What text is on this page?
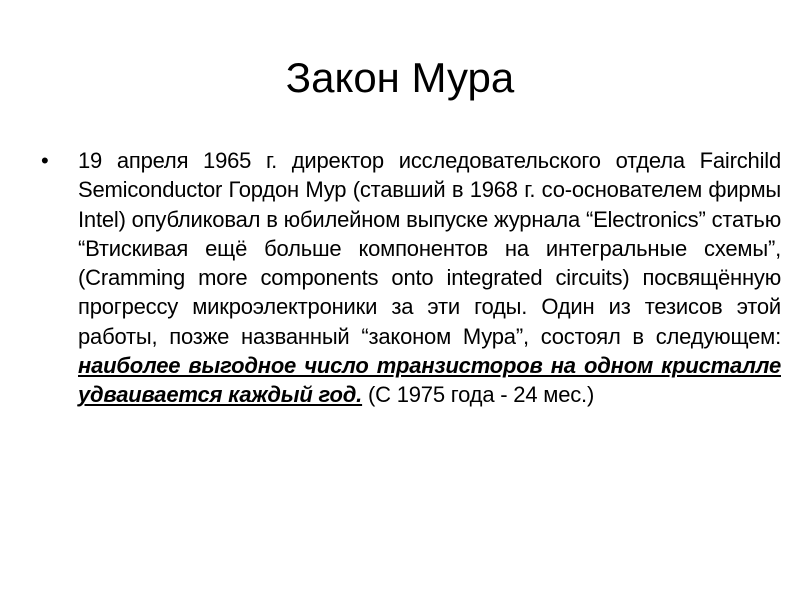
Закон Мура
• 19 апреля 1965 г. директор исследовательского отдела Fairchild Semiconductor Гордон Мур (ставший в 1968 г. со-основателем фирмы Intel) опубликовал в юбилейном выпуске журнала “Electronics” статью “Втискивая ещё больше компонентов на интегральные схемы”, (Cramming more components onto integrated circuits) посвящённую прогрессу микроэлектроники за эти годы. Один из тезисов этой работы, позже названный “законом Мура”, состоял в следующем: наиболее выгодное число транзисторов на одном кристалле удваивается каждый год. (С 1975 года - 24 мес.)
